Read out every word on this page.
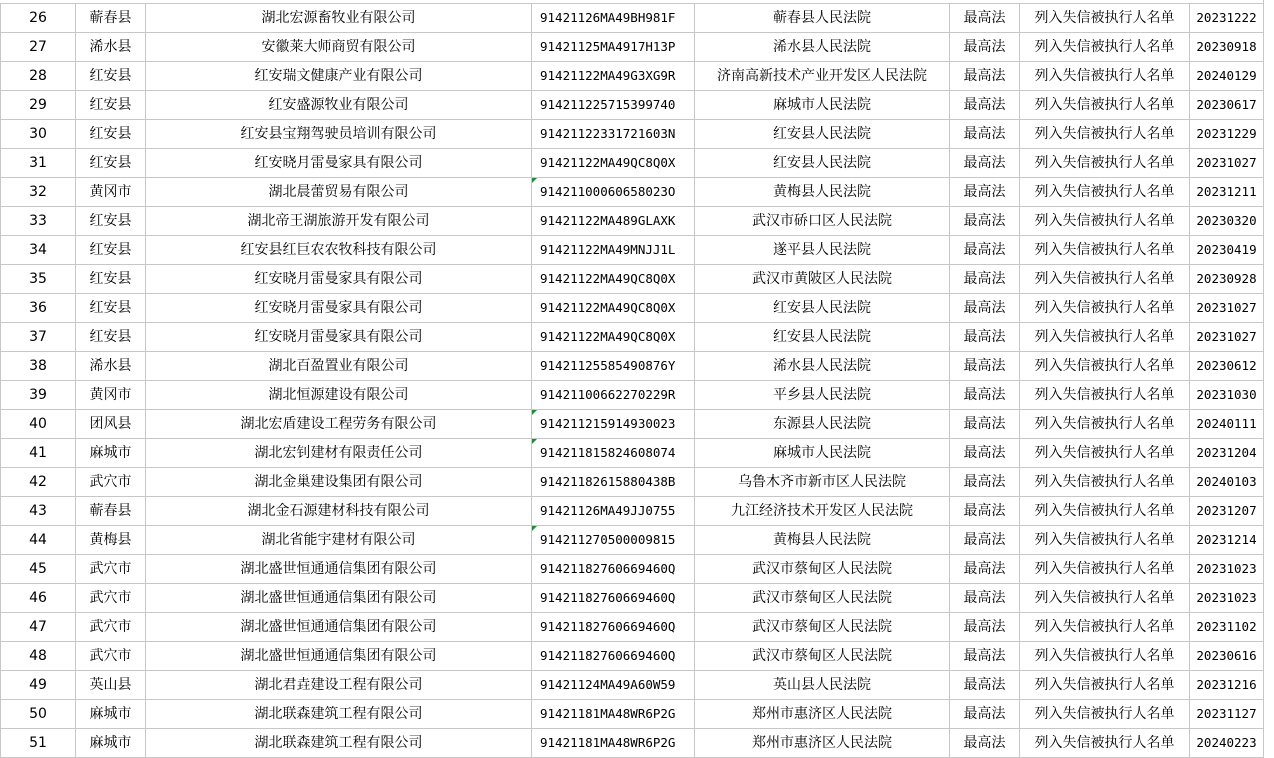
26	蕲春县	湖北宏源畜牧业有限公司	91421126MA49BH981F	蕲春县人民法院	最高法	列入失信被执行人名单	20231222
27	浠水县	安徽莱大师商贸有限公司	91421125MA4917H13P	浠水县人民法院	最高法	列入失信被执行人名单	20230918
28	红安县	红安瑞文健康产业有限公司	91421122MA49G3XG9R	济南高新技术产业开发区人民法院	最高法	列入失信被执行人名单	20240129
29	红安县	红安盛源牧业有限公司	914211225715399740	麻城市人民法院	最高法	列入失信被执行人名单	20230617
30	红安县	红安县宝翔驾驶员培训有限公司	91421122331721603N	红安县人民法院	最高法	列入失信被执行人名单	20231229
31	红安县	红安晓月雷曼家具有限公司	91421122MA49QC8Q0X	红安县人民法院	最高法	列入失信被执行人名单	20231027
32	黄冈市	湖北晨蕾贸易有限公司	91421100060658023O	黄梅县人民法院	最高法	列入失信被执行人名单	20231211
33	红安县	湖北帝王湖旅游开发有限公司	91421122MA489GLAXK	武汉市硚口区人民法院	最高法	列入失信被执行人名单	20230320
34	红安县	红安县红巨农农牧科技有限公司	91421122MA49MNJJ1L	遂平县人民法院	最高法	列入失信被执行人名单	20230419
35	红安县	红安晓月雷曼家具有限公司	91421122MA49QC8Q0X	武汉市黄陂区人民法院	最高法	列入失信被执行人名单	20230928
36	红安县	红安晓月雷曼家具有限公司	91421122MA49QC8Q0X	红安县人民法院	最高法	列入失信被执行人名单	20231027
37	红安县	红安晓月雷曼家具有限公司	91421122MA49QC8Q0X	红安县人民法院	最高法	列入失信被执行人名单	20231027
38	浠水县	湖北百盈置业有限公司	91421125585490876Y	浠水县人民法院	最高法	列入失信被执行人名单	20230612
39	黄冈市	湖北恒源建设有限公司	91421100662270229R	平乡县人民法院	最高法	列入失信被执行人名单	20231030
40	团风县	湖北宏盾建设工程劳务有限公司	914211215914930023	东源县人民法院	最高法	列入失信被执行人名单	20240111
41	麻城市	湖北宏钊建材有限责任公司	914211815824608074	麻城市人民法院	最高法	列入失信被执行人名单	20231204
42	武穴市	湖北金巢建设集团有限公司	91421182615880438B	乌鲁木齐市新市区人民法院	最高法	列入失信被执行人名单	20240103
43	蕲春县	湖北金石源建材科技有限公司	91421126MA49JJ0755	九江经济技术开发区人民法院	最高法	列入失信被执行人名单	20231207
44	黄梅县	湖北省能宇建材有限公司	914211270500009815	黄梅县人民法院	最高法	列入失信被执行人名单	20231214
45	武穴市	湖北盛世恒通通信集团有限公司	91421182760669460Q	武汉市蔡甸区人民法院	最高法	列入失信被执行人名单	20231023
46	武穴市	湖北盛世恒通通信集团有限公司	91421182760669460Q	武汉市蔡甸区人民法院	最高法	列入失信被执行人名单	20231023
47	武穴市	湖北盛世恒通通信集团有限公司	91421182760669460Q	武汉市蔡甸区人民法院	最高法	列入失信被执行人名单	20231102
48	武穴市	湖北盛世恒通通信集团有限公司	91421182760669460Q	武汉市蔡甸区人民法院	最高法	列入失信被执行人名单	20230616
49	英山县	湖北君垚建设工程有限公司	91421124MA49A60W59	英山县人民法院	最高法	列入失信被执行人名单	20231216
50	麻城市	湖北联森建筑工程有限公司	91421181MA48WR6P2G	郑州市惠济区人民法院	最高法	列入失信被执行人名单	20231127
51	麻城市	湖北联森建筑工程有限公司	91421181MA48WR6P2G	郑州市惠济区人民法院	最高法	列入失信被执行人名单	20240223
